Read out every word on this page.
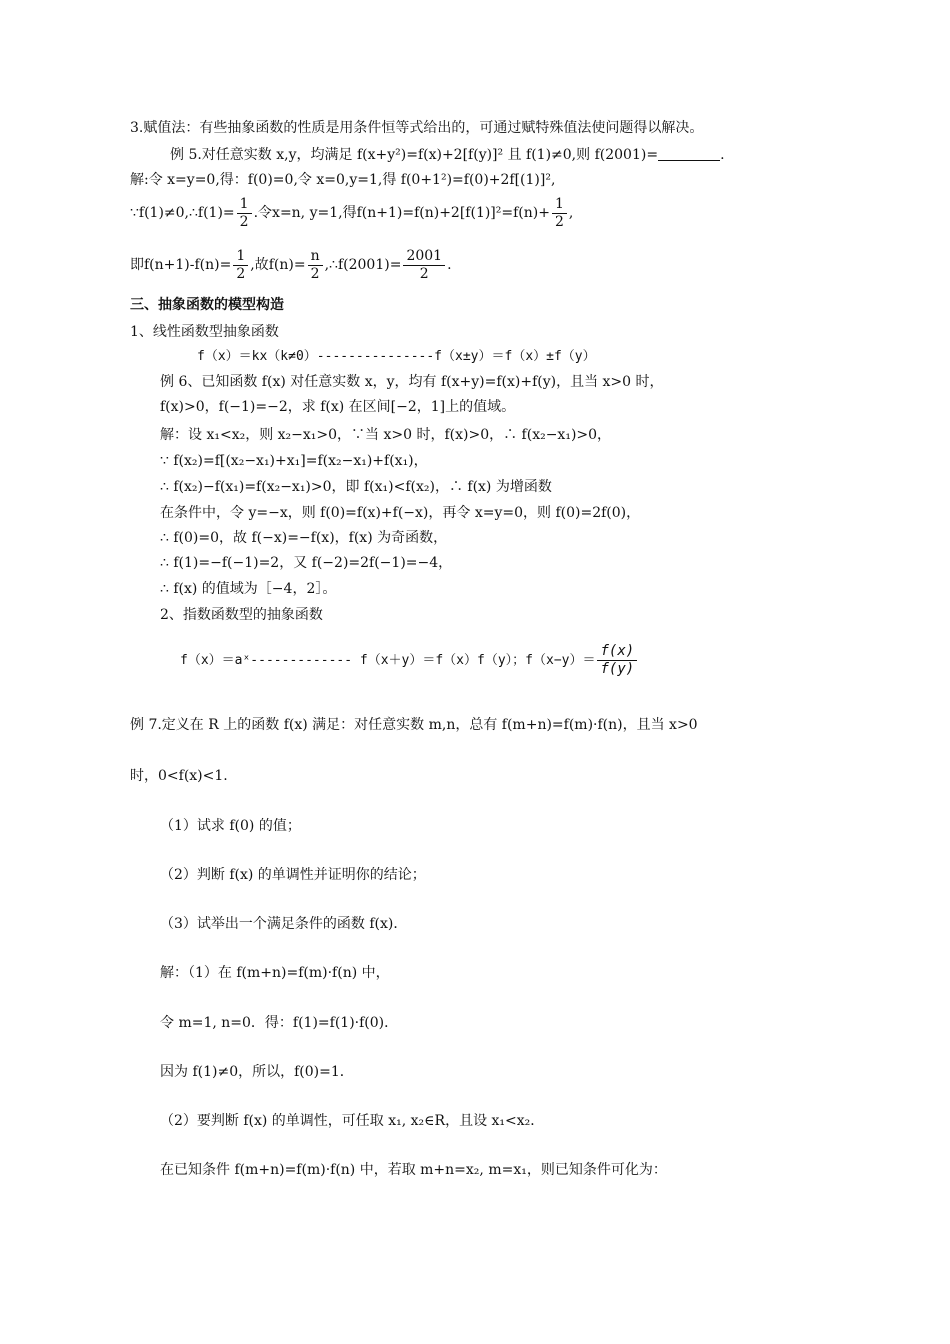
3.赋值法：有些抽象函数的性质是用条件恒等式给出的，可通过赋特殊值法使问题得以解决。
例 5.对任意实数 x,y，均满足 f(x+y²)=f(x)+2[f(y)]² 且 f(1)≠0,则 f(2001)=	.
解:令 x=y=0,得：f(0)=0,令 x=0,y=1,得 f(0+1²)=f(0)+2f[(1)]²,
∵f(1)≠0,∴f(1)= $\frac{1}{2}$ .令x=n, y=1,得$f(n+1)=f(n)+2[f(1)]^2=f(n)+ \frac{1}{2}$ ,
即$f(n+1)-f(n)= \frac{1}{2}$ ,故$f(n)= \frac{n}{2}$ ,∴f(2001)= $\frac{2001}{2}$ .
三、抽象函数的模型构造
1、线性函数型抽象函数
f（x）＝kx（k≠0）---------------f（x±y）＝f（x）±f（y）
例 6、已知函数 f(x) 对任意实数 x，y，均有 f(x+y)=f(x)+f(y)，且当 x>0 时，
f(x)>0，f(−1)=−2，求 f(x) 在区间[−2，1]上的值域。
解：设 x₁<x₂，则 x₂−x₁>0，∵当 x>0 时，f(x)>0，∴ f(x₂−x₁)>0，
∵ f(x₂)=f[(x₂−x₁)+x₁]=f(x₂−x₁)+f(x₁)，
∴ f(x₂)−f(x₁)=f(x₂−x₁)>0，即 f(x₁)<f(x₂)，∴ f(x) 为增函数
在条件中，令 y=−x，则 f(0)=f(x)+f(−x)，再令 x=y=0，则 f(0)=2f(0)，
∴ f(0)=0，故 f(−x)=−f(x)，f(x) 为奇函数，
∴ f(1)=−f(−1)=2，又 f(−2)=2f(−1)=−4，
∴ f(x) 的值域为［−4，2］。
2、指数函数型的抽象函数
f（x）＝aˣ------------- f（x＋y）＝f（x）f（y）；$f(x-y)= \frac{f(x)}{f(y)}$
例 7.定义在 R 上的函数 f(x) 满足：对任意实数 m,n，总有 f(m+n)=f(m)·f(n)，且当 x>0
时，0<f(x)<1.
（1）试求 f(0) 的值；
（2）判断 f(x) 的单调性并证明你的结论；
（3）试举出一个满足条件的函数 f(x)．
解：（1）在 f(m+n)=f(m)·f(n) 中，
令 m=1, n=0．得：f(1)=f(1)·f(0)．
因为 f(1)≠0，所以，f(0)=1．
（2）要判断 f(x) 的单调性，可任取 x₁, x₂∈R，且设 x₁<x₂．
在已知条件 f(m+n)=f(m)·f(n) 中，若取 m+n=x₂, m=x₁，则已知条件可化为：
